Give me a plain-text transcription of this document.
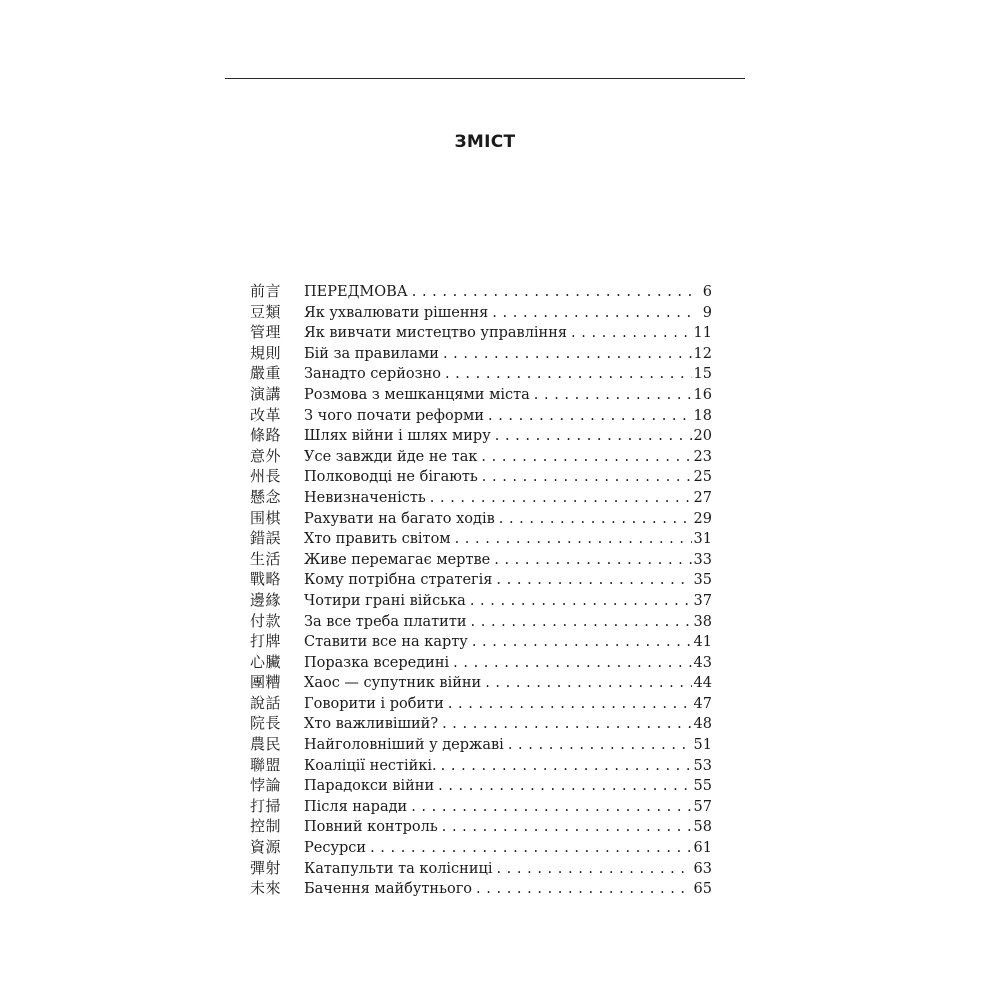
ЗМІСТ
前言	ПЕРЕДМОВА . . .	6
豆類	Як ухвалювати рішення . . .	9
管理	Як вивчати мистецтво управління . . .	11
規則	Бій за правилами . . .	12
嚴重	Занадто серйозно . . .	15
演講	Розмова з мешканцями міста . . .	16
改革	З чого почати реформи . . .	18
條路	Шлях війни і шлях миру . . .	20
意外	Усе завжди йде не так . . .	23
州長	Полководці не бігають . . .	25
懸念	Невизначеність . . .	27
围棋	Рахувати на багато ходів . . .	29
錯誤	Хто править світом . . .	31
生活	Живе перемагає мертве . . .	33
戰略	Кому потрібна стратегія . . .	35
邊緣	Чотири грані війська . . .	37
付款	За все треба платити . . .	38
打牌	Ставити все на карту . . .	41
心臟	Поразка всередині . . .	43
團糟	Хаос — супутник війни . . .	44
說話	Говорити і робити . . .	47
院長	Хто важливіший? . . .	48
農民	Найголовніший у державі . . .	51
聯盟	Коаліції нестійкі. . . .	53
悖論	Парадокси війни . . .	55
打掃	Після наради . . .	57
控制	Повний контроль . . .	58
資源	Ресурси . . .	61
彈射	Катапульти та колісниці . . .	63
未來	Бачення майбутнього . . .	65
